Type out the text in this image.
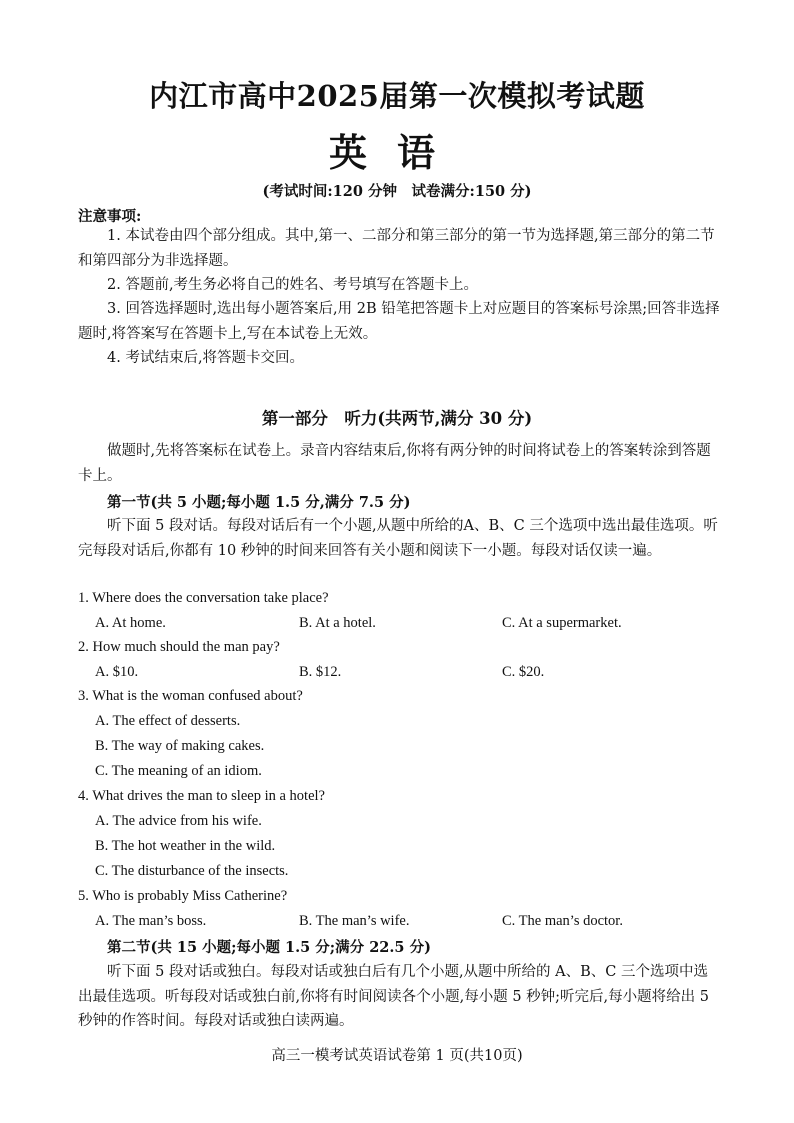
内江市高中2025届第一次模拟考试题
英语
(考试时间:120 分钟　试卷满分:150 分)
注意事项:
1. 本试卷由四个部分组成。其中,第一、二部分和第三部分的第一节为选择题,第三部分的第二节和第四部分为非选择题。
2. 答题前,考生务必将自己的姓名、考号填写在答题卡上。
3. 回答选择题时,选出每小题答案后,用 2B 铅笔把答题卡上对应题目的答案标号涂黑;回答非选择题时,将答案写在答题卡上,写在本试卷上无效。
4. 考试结束后,将答题卡交回。
第一部分　听力(共两节,满分 30 分)
做题时,先将答案标在试卷上。录音内容结束后,你将有两分钟的时间将试卷上的答案转涂到答题卡上。
第一节(共 5 小题;每小题 1.5 分,满分 7.5 分)
听下面 5 段对话。每段对话后有一个小题,从题中所给的A、B、C 三个选项中选出最佳选项。听完每段对话后,你都有 10 秒钟的时间来回答有关小题和阅读下一小题。每段对话仅读一遍。
1. Where does the conversation take place?
A. At home.	B. At a hotel.	C. At a supermarket.
2. How much should the man pay?
A. $10.	B. $12.	C. $20.
3. What is the woman confused about?
A. The effect of desserts.
B. The way of making cakes.
C. The meaning of an idiom.
4. What drives the man to sleep in a hotel?
A. The advice from his wife.
B. The hot weather in the wild.
C. The disturbance of the insects.
5. Who is probably Miss Catherine?
A. The man’s boss.	B. The man’s wife.	C. The man’s doctor.
第二节(共 15 小题;每小题 1.5 分;满分 22.5 分)
听下面 5 段对话或独白。每段对话或独白后有几个小题,从题中所给的 A、B、C 三个选项中选出最佳选项。听每段对话或独白前,你将有时间阅读各个小题,每小题 5 秒钟;听完后,每小题将给出 5 秒钟的作答时间。每段对话或独白读两遍。
高三一模考试英语试卷第 1 页(共10页)
